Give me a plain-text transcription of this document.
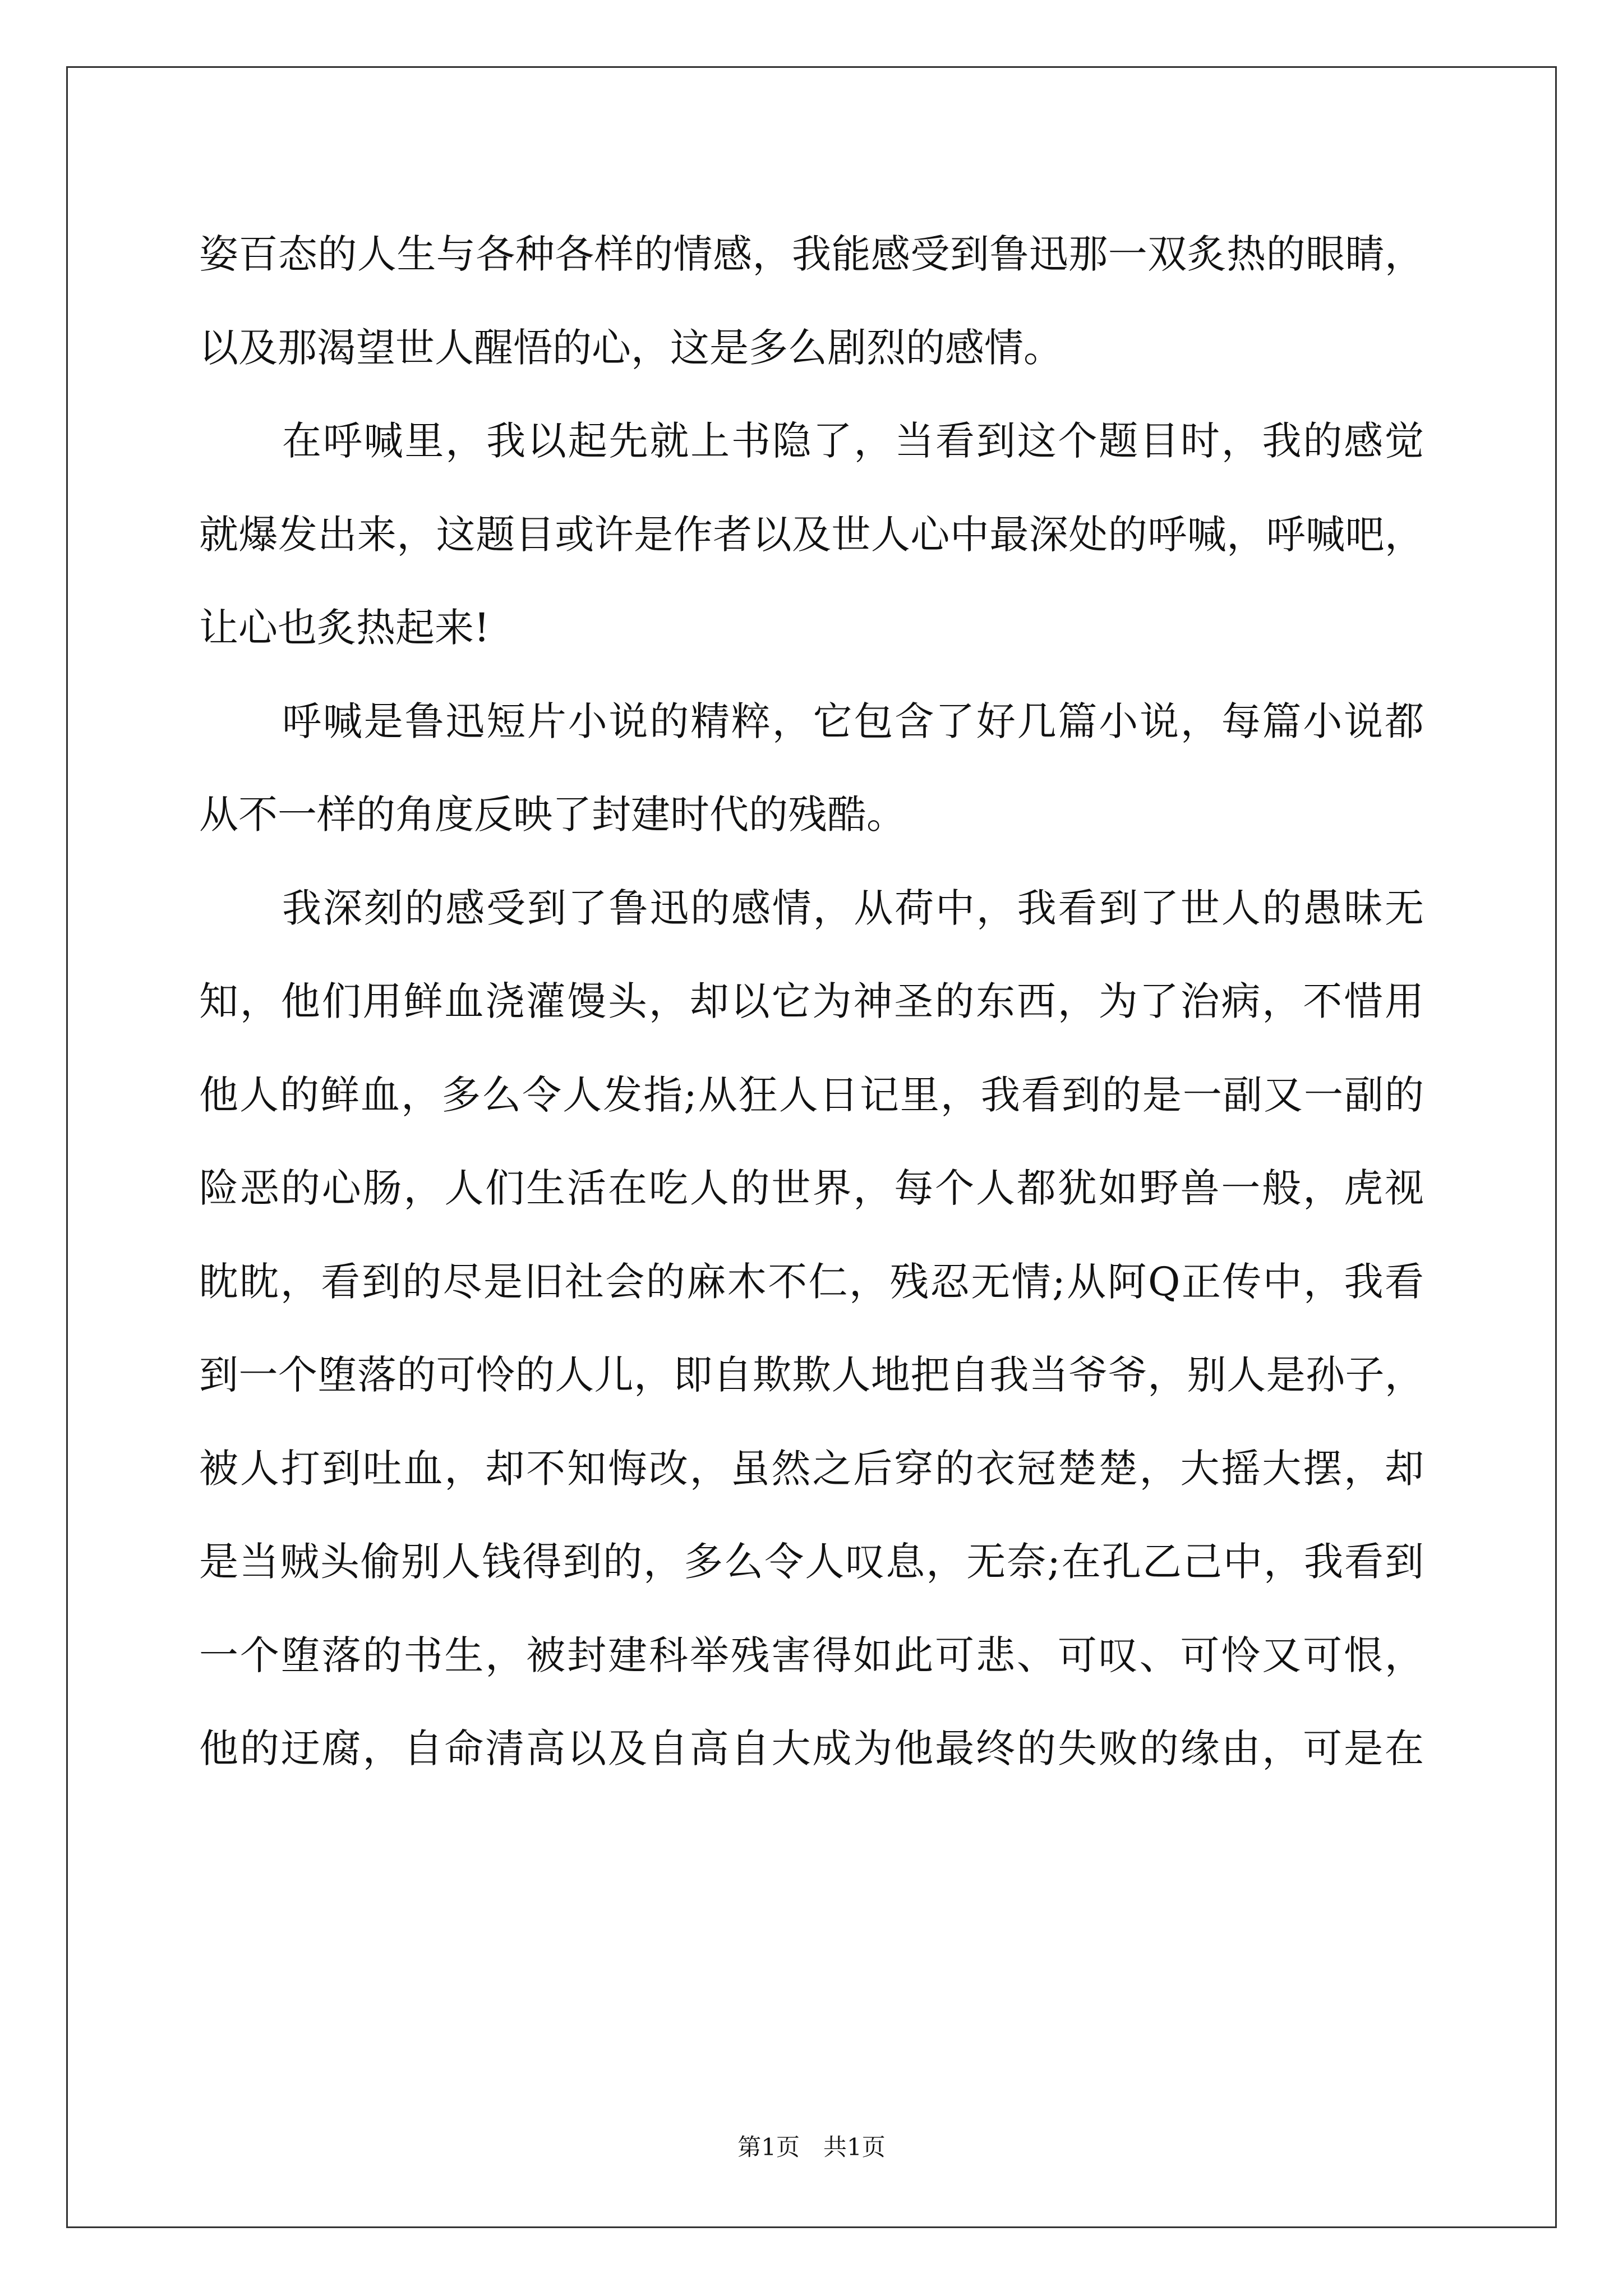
姿百态的人生与各种各样的情感，我能感受到鲁迅那一双炙热的眼睛，
以及那渴望世人醒悟的心，这是多么剧烈的感情。
在呼喊里，我以起先就上书隐了，当看到这个题目时，我的感觉
就爆发出来，这题目或许是作者以及世人心中最深处的呼喊，呼喊吧，
让心也炙热起来!
呼喊是鲁迅短片小说的精粹，它包含了好几篇小说，每篇小说都
从不一样的角度反映了封建时代的残酷。
我深刻的感受到了鲁迅的感情，从荷中，我看到了世人的愚昧无
知，他们用鲜血浇灌馒头，却以它为神圣的东西，为了治病，不惜用
他人的鲜血，多么令人发指;从狂人日记里，我看到的是一副又一副的
险恶的心肠，人们生活在吃人的世界，每个人都犹如野兽一般，虎视
眈眈，看到的尽是旧社会的麻木不仁，残忍无情;从阿Q正传中，我看
到一个堕落的可怜的人儿，即自欺欺人地把自我当爷爷，别人是孙子，
被人打到吐血，却不知悔改，虽然之后穿的衣冠楚楚，大摇大摆，却
是当贼头偷别人钱得到的，多么令人叹息，无奈;在孔乙己中，我看到
一个堕落的书生，被封建科举残害得如此可悲、可叹、可怜又可恨，
他的迂腐，自命清高以及自高自大成为他最终的失败的缘由，可是在
第1页　共1页
